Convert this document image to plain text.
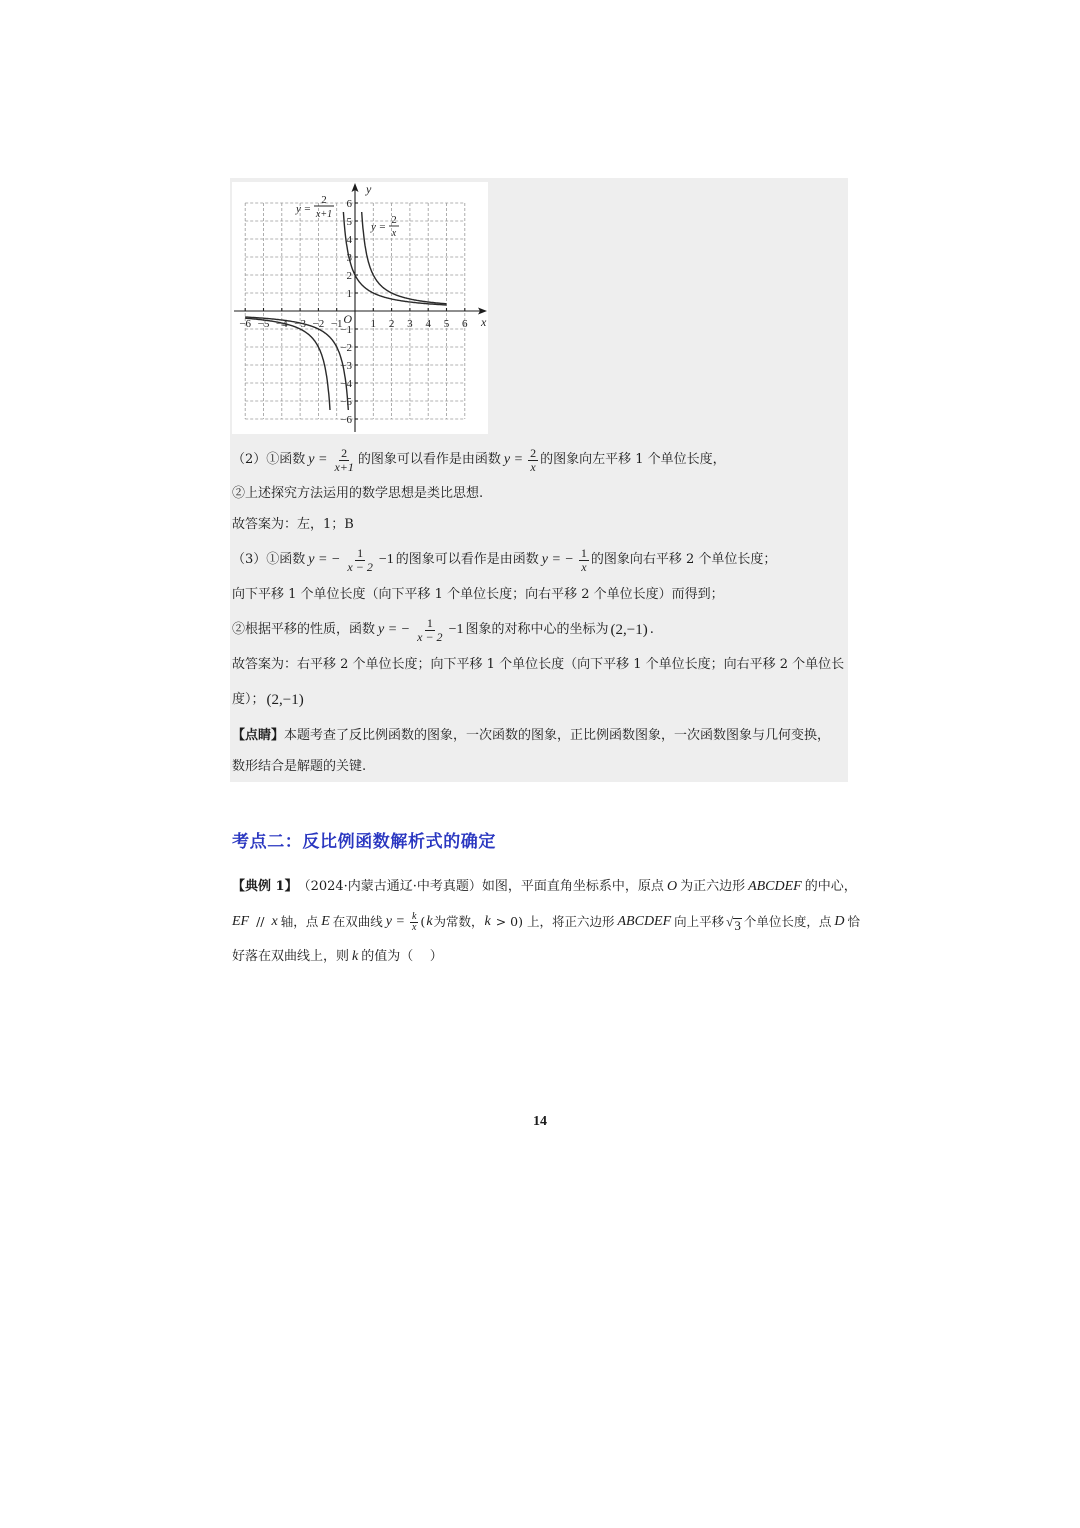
−6 −5 −4 −3 −2 −1	1 2 3 4 5 6
6
5
4
3
2
1
−1
−2
−3
−4
−5
−6
x
y
O
y =
2
x+1
y =
2
x
（2）①函数 $y = \frac{2}{x+1}$ 的图象可以看作是由函数 $y = \frac{2}{x}$ 的图象向左平移 1 个单位长度，
②上述探究方法运用的数学思想是类比思想.
故答案为：左，1；B
（3）①函数 y = − $\frac{1}{x - 2} -1$ 的图象可以看作是由函数 y = − $\frac{1}{x}$ 的图象向右平移 2 个单位长度；
向下平移 1 个单位长度（向下平移 1 个单位长度；向右平移 2 个单位长度）而得到；
②根据平移的性质，函数 y = − $\frac{1}{x - 2} -1$ 图象的对称中心的坐标为 (2,−1) .
故答案为：右平移 2 个单位长度；向下平移 1 个单位长度（向下平移 1 个单位长度；向右平移 2 个单位长
度）； (2,−1)
【点睛】 本题考查了反比例函数的图象，一次函数的图象，正比例函数图象，一次函数图象与几何变换，
数形结合是解题的关键.
考点二：反比例函数解析式的确定
【典例 1】 （2024·内蒙古通辽·中考真题）如图，平面直角坐标系中，原点 O 为正六边形 ABCDEF 的中心，
EF // x 轴，点 E 在双曲线 $y = \frac{k}{x}$ ( k 为常数， k > 0) 上，将正六边形 ABCDEF 向上平移 √ 3 个单位长度，点 D 恰
好落在双曲线上，则 k 的值为（    ）
14
